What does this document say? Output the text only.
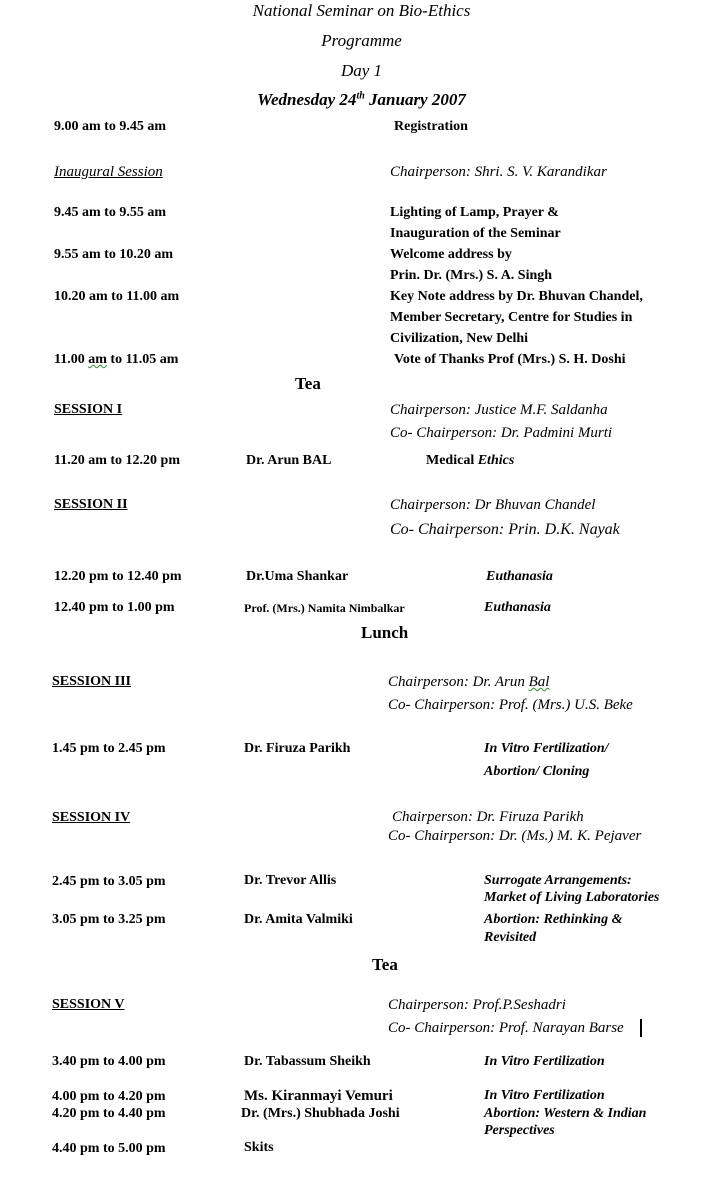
National Seminar on Bio-Ethics
Programme
Day 1
Wednesday 24th January 2007
9.00 am to 9.45 am	Registration
Inaugural Session	Chairperson: Shri. S. V. Karandikar
9.45 am to 9.55 am	Lighting of Lamp, Prayer &
Inauguration of the Seminar
9.55 am to 10.20 am	Welcome address by
Prin. Dr. (Mrs.) S. A. Singh
10.20 am to 11.00 am	Key Note address by Dr. Bhuvan Chandel,
Member Secretary, Centre for Studies in
Civilization, New Delhi
11.00 am to 11.05 am	Vote of Thanks Prof (Mrs.) S. H. Doshi
Tea
SESSION I	Chairperson: Justice M.F. Saldanha
Co- Chairperson: Dr. Padmini Murti
11.20 am to 12.20 pm	Dr. Arun BAL	Medical Ethics
SESSION II	Chairperson: Dr Bhuvan Chandel
Co- Chairperson: Prin. D.K. Nayak
12.20 pm to 12.40 pm	Dr.Uma Shankar	Euthanasia
12.40 pm to 1.00 pm	Prof. (Mrs.) Namita Nimbalkar	Euthanasia
Lunch
SESSION III	Chairperson: Dr. Arun Bal
Co- Chairperson: Prof. (Mrs.) U.S. Beke
1.45 pm to 2.45 pm	Dr. Firuza Parikh	In Vitro Fertilization/
Abortion/ Cloning
SESSION IV	Chairperson: Dr. Firuza Parikh
Co- Chairperson: Dr. (Ms.) M. K. Pejaver
2.45 pm to 3.05 pm	Dr. Trevor Allis	Surrogate Arrangements:
Market of Living Laboratories
3.05 pm to 3.25 pm	Dr. Amita Valmiki	Abortion: Rethinking &
Revisited
Tea
SESSION V	Chairperson: Prof.P.Seshadri
Co- Chairperson: Prof. Narayan Barse
3.40 pm to 4.00 pm	Dr. Tabassum Sheikh	In Vitro Fertilization
4.00 pm to 4.20 pm	Ms. Kiranmayi Vemuri	In Vitro Fertilization
4.20 pm to 4.40 pm	Dr. (Mrs.) Shubhada Joshi	Abortion: Western & Indian
Perspectives
4.40 pm to 5.00 pm	Skits
